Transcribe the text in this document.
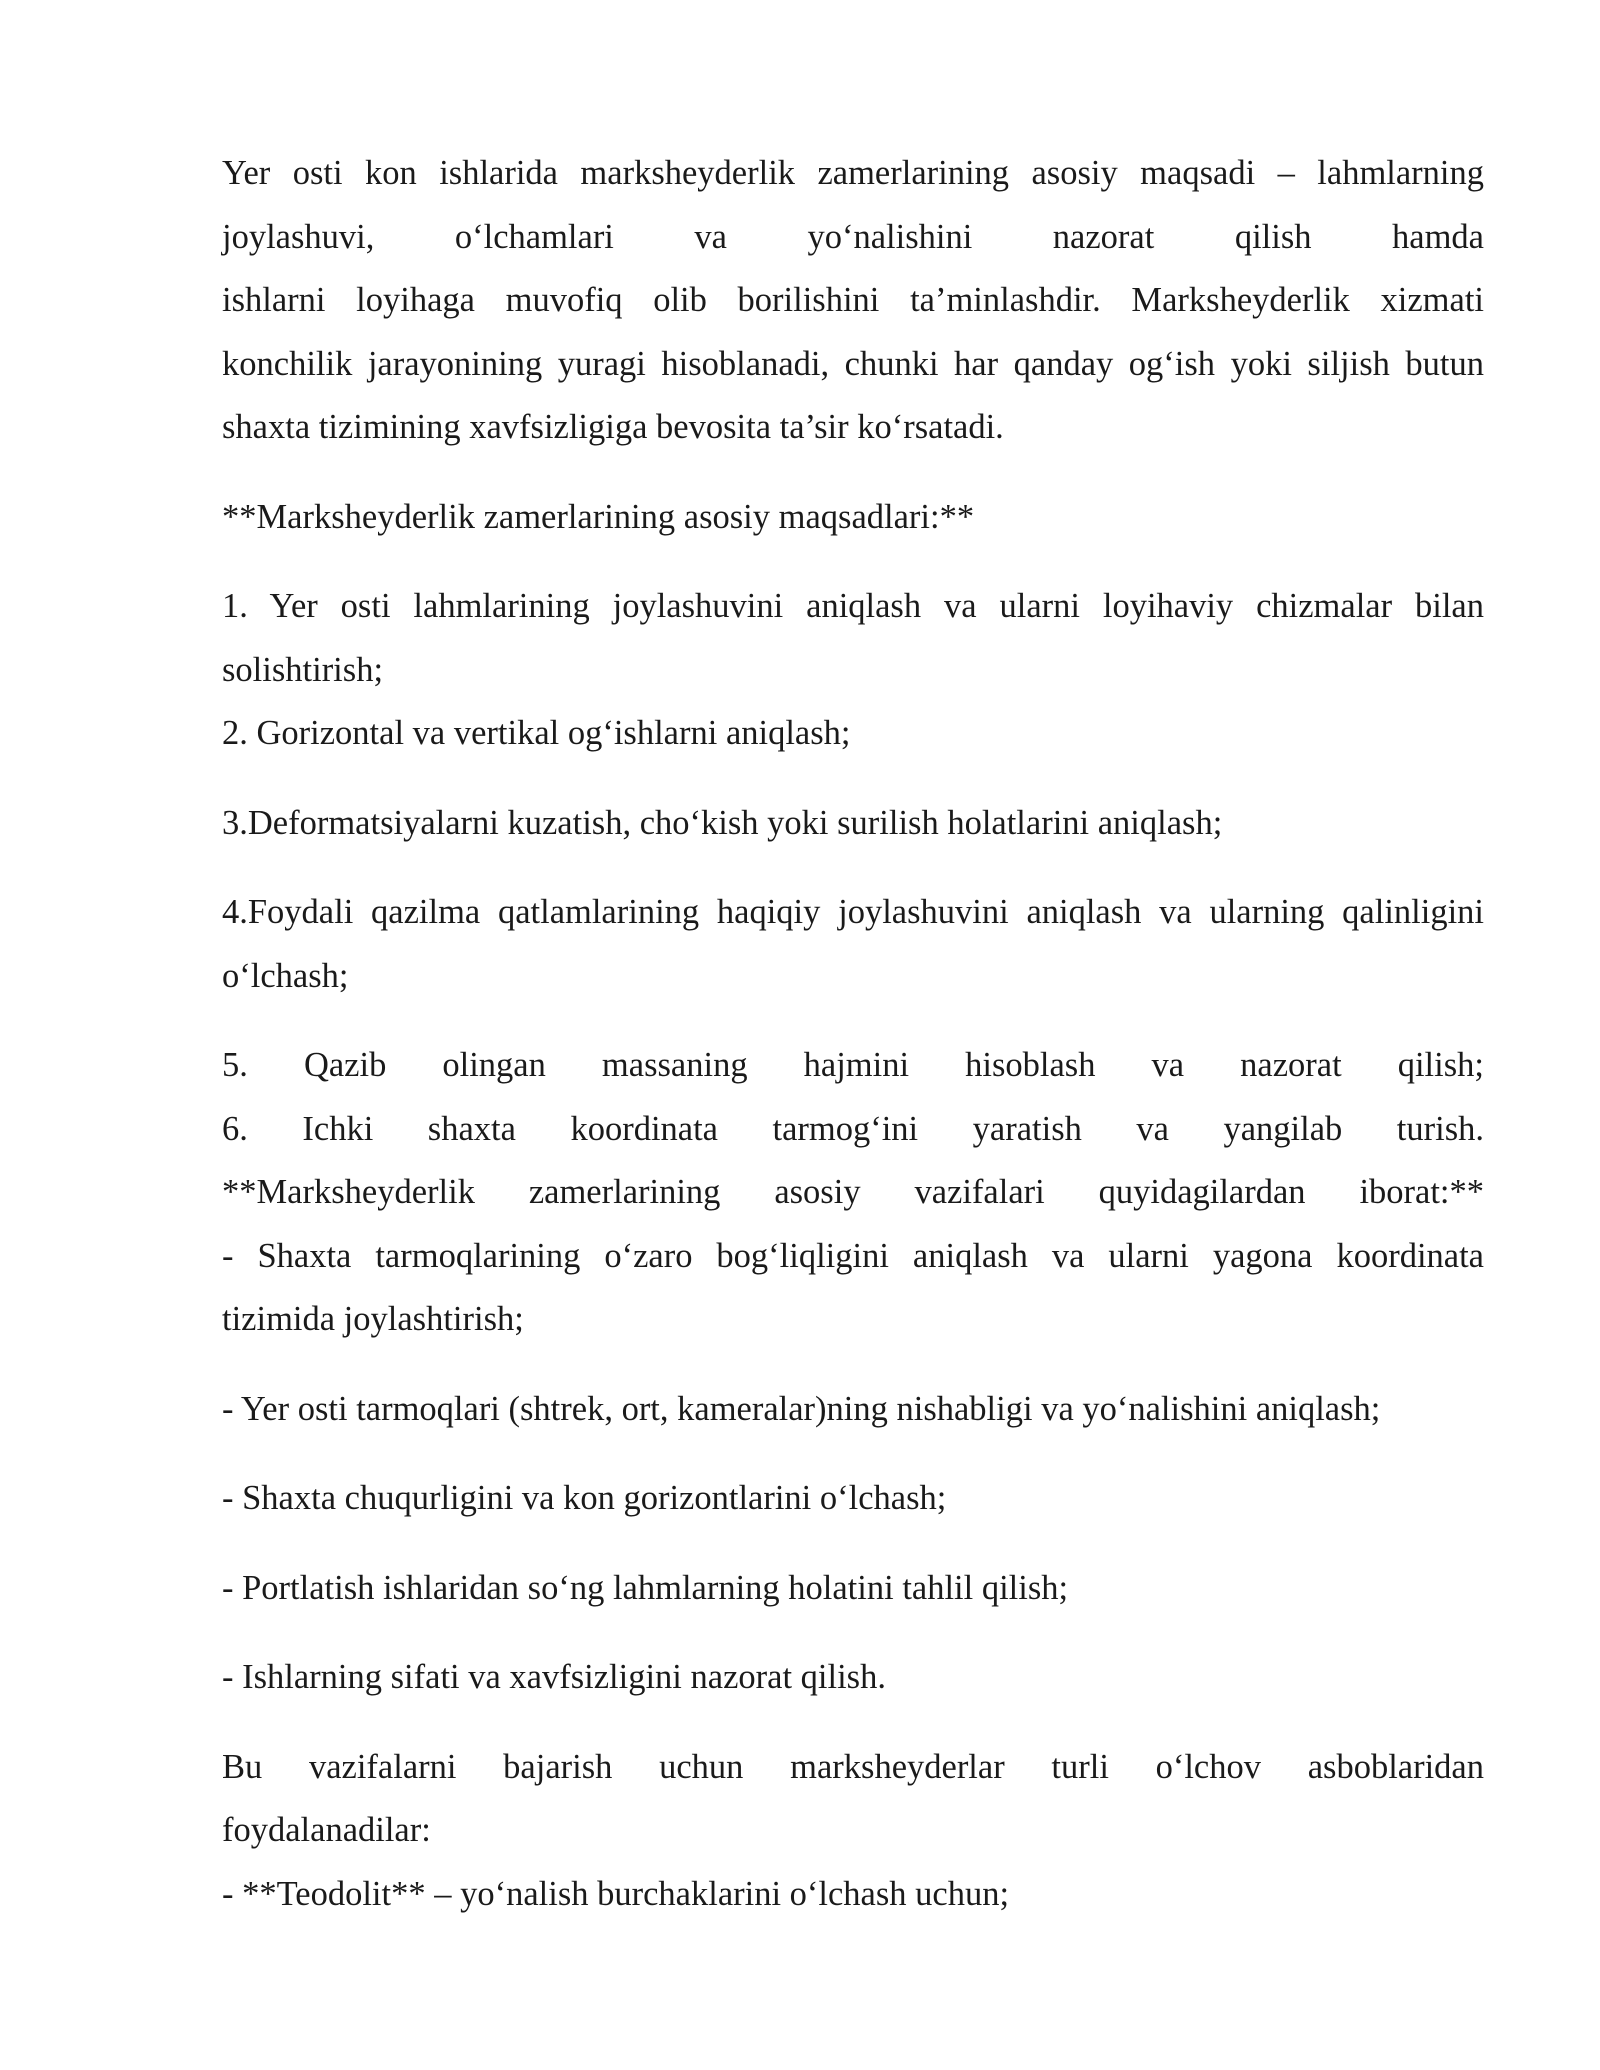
Yer osti kon ishlarida marksheyderlik zamerlarining asosiy maqsadi – lahmlarning
joylashuvi, o‘lchamlari va yo‘nalishini nazorat qilish hamda
ishlarni loyihaga muvofiq olib borilishini ta’minlashdir. Marksheyderlik xizmati
konchilik jarayonining yuragi hisoblanadi, chunki har qanday og‘ish yoki siljish butun
shaxta tizimining xavfsizligiga bevosita ta’sir ko‘rsatadi.
**Marksheyderlik zamerlarining asosiy maqsadlari:**
1. Yer osti lahmlarining joylashuvini aniqlash va ularni loyihaviy chizmalar bilan
solishtirish;
2. Gorizontal va vertikal og‘ishlarni aniqlash;
3.Deformatsiyalarni kuzatish, cho‘kish yoki surilish holatlarini aniqlash;
4.Foydali qazilma qatlamlarining haqiqiy joylashuvini aniqlash va ularning qalinligini
o‘lchash;
5. Qazib olingan massaning hajmini hisoblash va nazorat qilish;
6. Ichki shaxta koordinata tarmog‘ini yaratish va yangilab turish.
**Marksheyderlik zamerlarining asosiy vazifalari quyidagilardan iborat:**
- Shaxta tarmoqlarining o‘zaro bog‘liqligini aniqlash va ularni yagona koordinata
tizimida joylashtirish;
- Yer osti tarmoqlari (shtrek, ort, kameralar)ning nishabligi va yo‘nalishini aniqlash;
- Shaxta chuqurligini va kon gorizontlarini o‘lchash;
- Portlatish ishlaridan so‘ng lahmlarning holatini tahlil qilish;
- Ishlarning sifati va xavfsizligini nazorat qilish.
Bu vazifalarni bajarish uchun marksheyderlar turli o‘lchov asboblaridan
foydalanadilar:
- **Teodolit** – yo‘nalish burchaklarini o‘lchash uchun;
